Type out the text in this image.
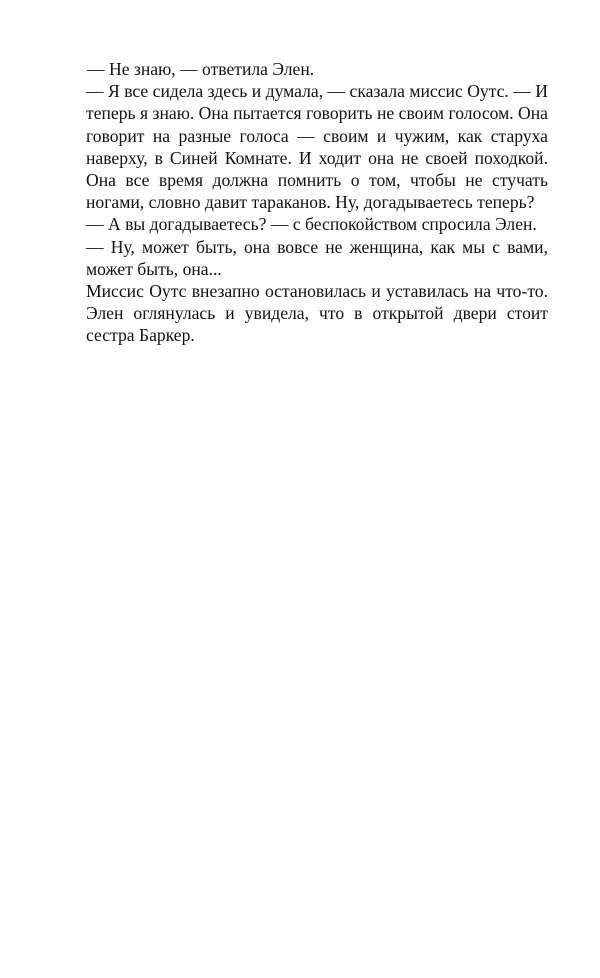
— Не знаю, — ответила Элен.

— Я все сидела здесь и думала, — сказала миссис Оутс. — И теперь я знаю. Она пытается говорить не своим голосом. Она говорит на разные голоса — своим и чужим, как старуха наверху, в Синей Комнате. И ходит она не своей походкой. Она все время должна помнить о том, чтобы не стучать ногами, словно давит тараканов. Ну, догадываетесь теперь?

— А вы догадываетесь? — с беспокойством спросила Элен.

— Ну, может быть, она вовсе не женщина, как мы с вами, может быть, она...

Миссис Оутс внезапно остановилась и уставилась на что-то. Элен оглянулась и увидела, что в открытой двери стоит сестра Баркер.
